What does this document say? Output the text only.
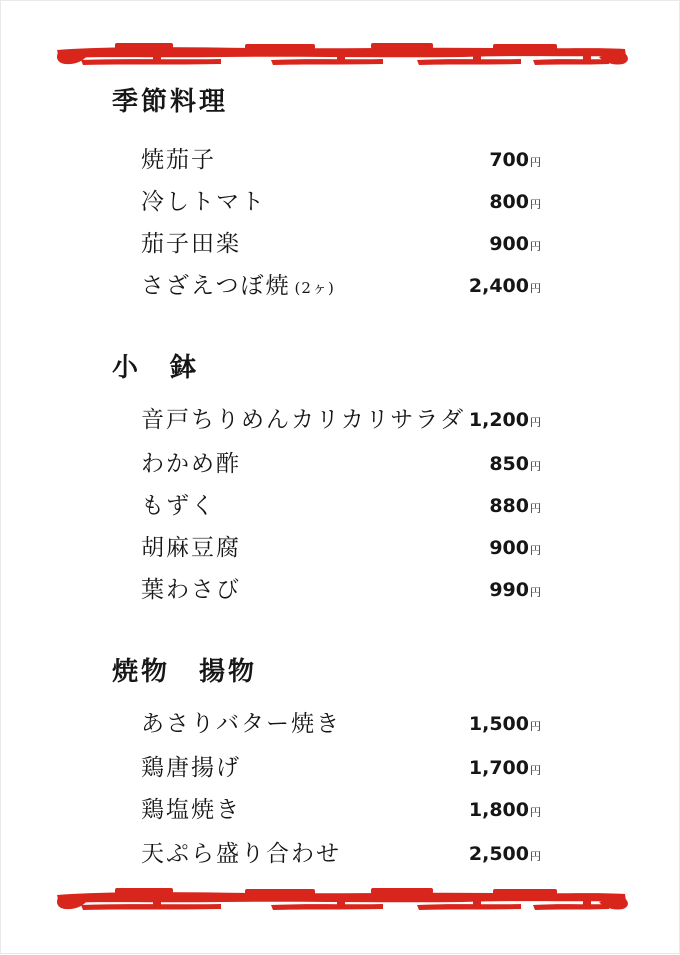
季節料理
焼茄子	700円
冷しトマト	800円
茄子田楽	900円
さざえつぼ焼 (2ヶ)	2,400円
小　鉢
音戸ちりめんカリカリサラダ 1,200円
わかめ酢	850円
もずく	880円
胡麻豆腐	900円
葉わさび	990円
焼物　揚物
あさりバター焼き	1,500円
鶏唐揚げ	1,700円
鶏塩焼き	1,800円
天ぷら盛り合わせ	2,500円
